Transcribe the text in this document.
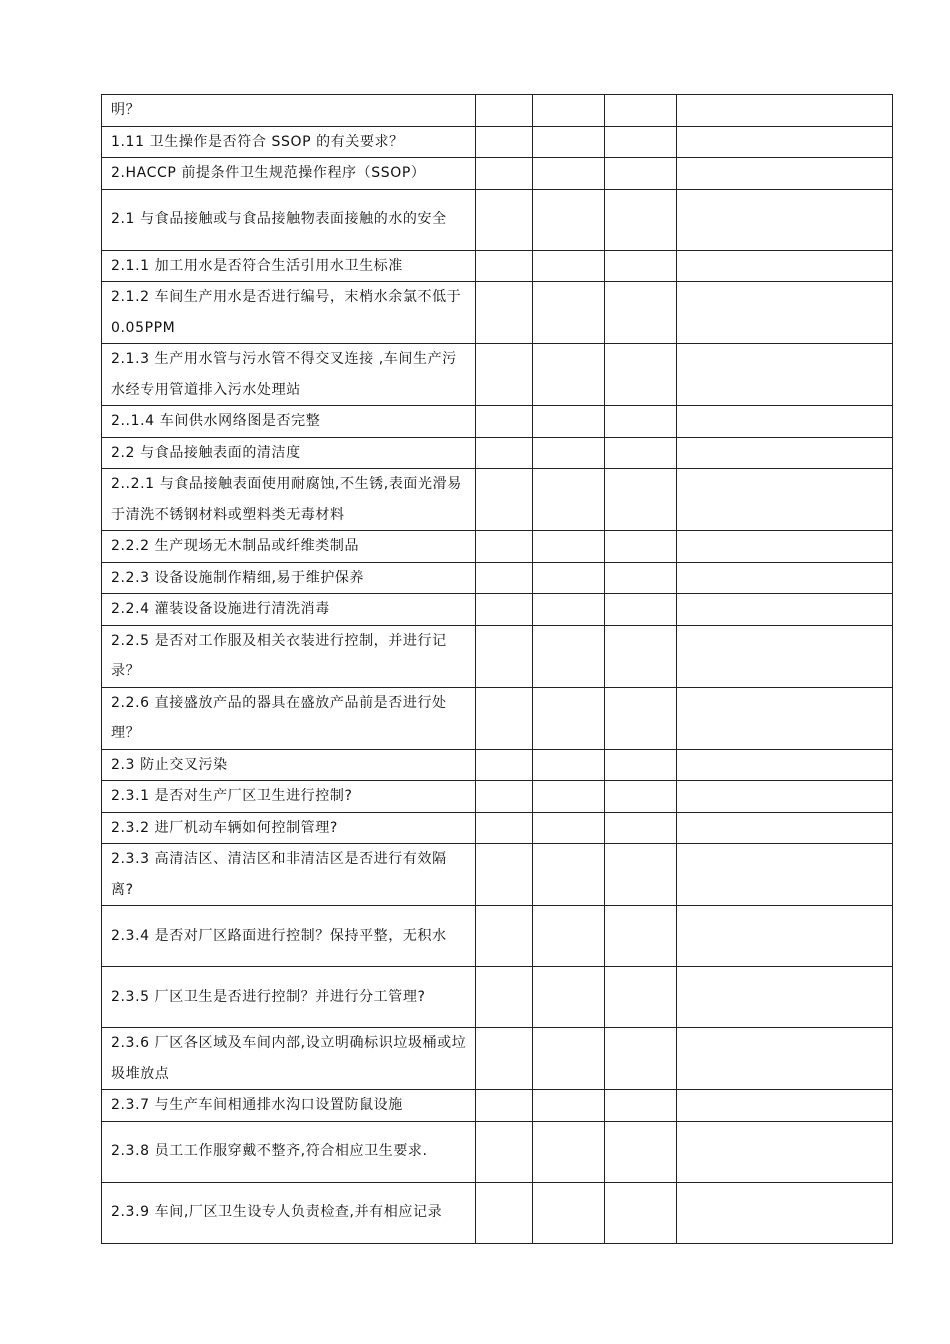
明？				
1.11 卫生操作是否符合 SSOP 的有关要求？				
2.HACCP 前提条件卫生规范操作程序（SSOP）				
2.1 与食品接触或与食品接触物表面接触的水的安全				
2.1.1 加工用水是否符合生活引用水卫生标准				
2.1.2 车间生产用水是否进行编号，末梢水余氯不低于 0.05PPM				
2.1.3 生产用水管与污水管不得交叉连接 ,车间生产污水经专用管道排入污水处理站				
2..1.4 车间供水网络图是否完整				
2.2 与食品接触表面的清洁度				
2..2.1 与食品接触表面使用耐腐蚀,不生锈,表面光滑易于清洗不锈钢材料或塑料类无毒材料				
2.2.2 生产现场无木制品或纤维类制品				
2.2.3 设备设施制作精细,易于维护保养				
2.2.4 灌装设备设施进行清洗消毒				
2.2.5 是否对工作服及相关衣装进行控制，并进行记录？				
2.2.6 直接盛放产品的器具在盛放产品前是否进行处理？				
2.3 防止交叉污染				
2.3.1 是否对生产厂区卫生进行控制?				
2.3.2 进厂机动车辆如何控制管理?				
2.3.3 高清洁区、清洁区和非清洁区是否进行有效隔离?				
2.3.4 是否对厂区路面进行控制？保持平整，无积水				
2.3.5 厂区卫生是否进行控制？并进行分工管理?				
2.3.6 厂区各区域及车间内部,设立明确标识垃圾桶或垃圾堆放点				
2.3.7 与生产车间相通排水沟口设置防鼠设施				
2.3.8 员工工作服穿戴不整齐,符合相应卫生要求.				
2.3.9 车间,厂区卫生设专人负责检查,并有相应记录				
